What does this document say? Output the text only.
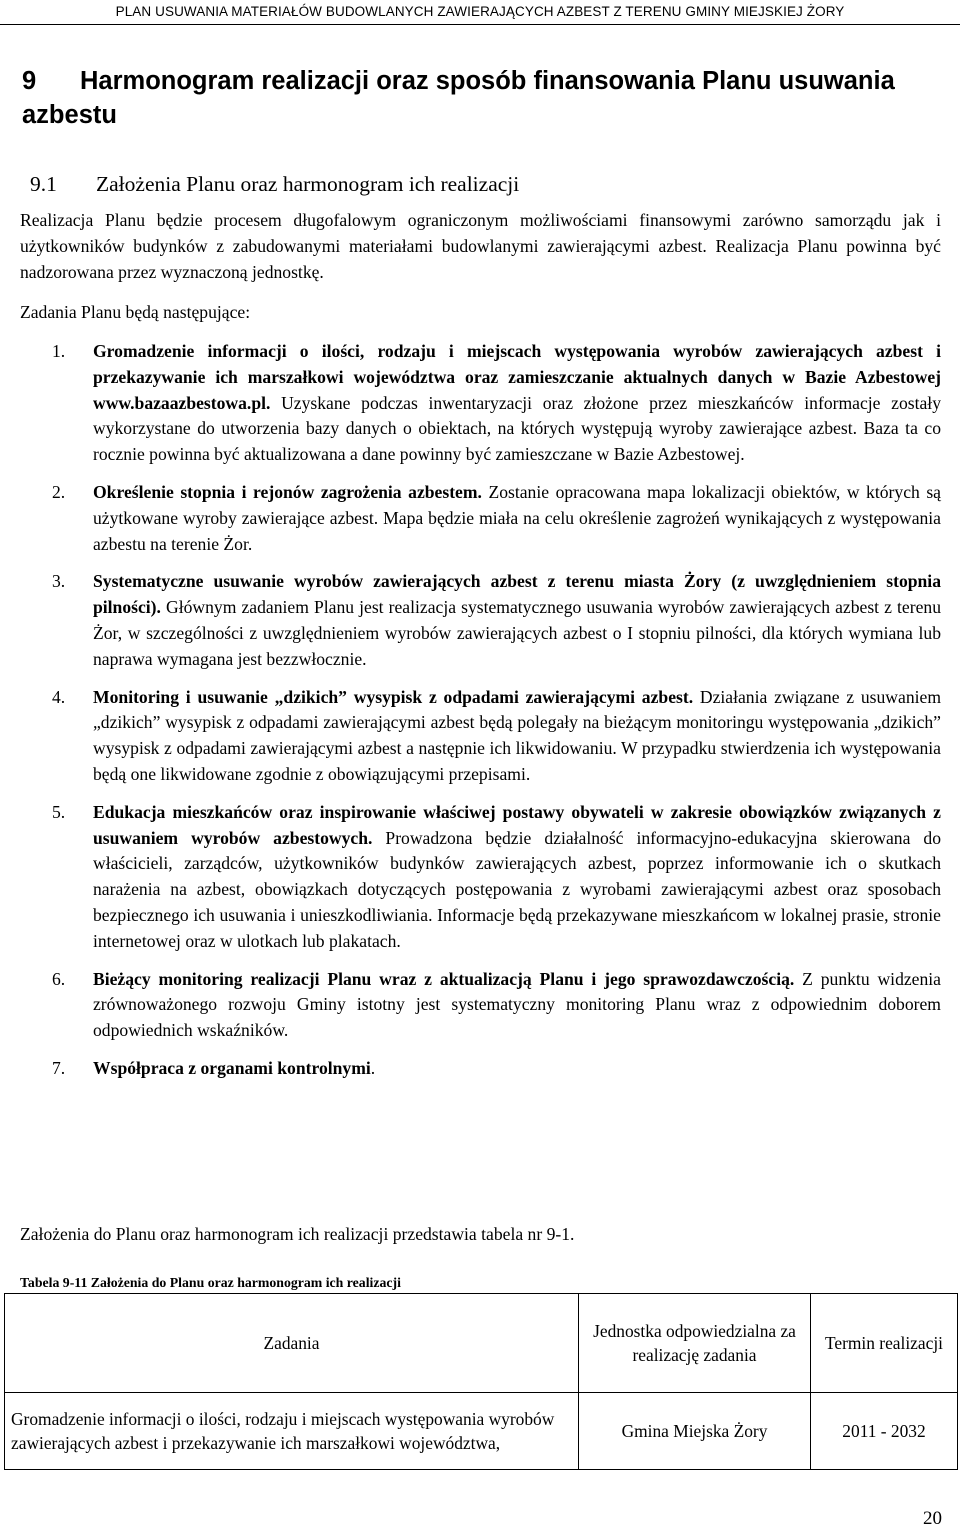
PLAN USUWANIA MATERIAŁÓW BUDOWLANYCH ZAWIERAJĄCYCH AZBEST Z TERENU GMINY MIEJSKIEJ ŻORY
9 Harmonogram realizacji oraz sposób finansowania Planu usuwania azbestu
9.1 Założenia Planu oraz harmonogram ich realizacji

Realizacja Planu będzie procesem długofalowym ograniczonym możliwościami finansowymi zarówno samorządu jak i użytkowników budynków z zabudowanymi materiałami budowlanymi zawierającymi azbest. Realizacja Planu powinna być nadzorowana przez wyznaczoną jednostkę.

Zadania Planu będą następujące:

1. Gromadzenie informacji o ilości, rodzaju i miejscach występowania wyrobów zawierających azbest i przekazywanie ich marszałkowi województwa oraz zamieszczanie aktualnych danych w Bazie Azbestowej www.bazaazbestowa.pl. Uzyskane podczas inwentaryzacji oraz złożone przez mieszkańców informacje zostały wykorzystane do utworzenia bazy danych o obiektach, na których występują wyroby zawierające azbest. Baza ta co rocznie powinna być aktualizowana a dane powinny być zamieszczane w Bazie Azbestowej.
2. Określenie stopnia i rejonów zagrożenia azbestem. Zostanie opracowana mapa lokalizacji obiektów, w których są użytkowane wyroby zawierające azbest. Mapa będzie miała na celu określenie zagrożeń wynikających z występowania azbestu na terenie Żor.
3. Systematyczne usuwanie wyrobów zawierających azbest z terenu miasta Żory (z uwzględnieniem stopnia pilności). Głównym zadaniem Planu jest realizacja systematycznego usuwania wyrobów zawierających azbest z terenu Żor, w szczególności z uwzględnieniem wyrobów zawierających azbest o I stopniu pilności, dla których wymiana lub naprawa wymagana jest bezzwłocznie.
4. Monitoring i usuwanie „dzikich” wysypisk z odpadami zawierającymi azbest. Działania związane z usuwaniem „dzikich” wysypisk z odpadami zawierającymi azbest będą polegały na bieżącym monitoringu występowania „dzikich” wysypisk z odpadami zawierającymi azbest a następnie ich likwidowaniu. W przypadku stwierdzenia ich występowania będą one likwidowane zgodnie z obowiązującymi przepisami.
5. Edukacja mieszkańców oraz inspirowanie właściwej postawy obywateli w zakresie obowiązków związanych z usuwaniem wyrobów azbestowych. Prowadzona będzie działalność informacyjno-edukacyjna skierowana do właścicieli, zarządców, użytkowników budynków zawierających azbest, poprzez informowanie ich o skutkach narażenia na azbest, obowiązkach dotyczących postępowania z wyrobami zawierającymi azbest oraz sposobach bezpiecznego ich usuwania i unieszkodliwiania. Informacje będą przekazywane mieszkańcom w lokalnej prasie, stronie internetowej oraz w ulotkach lub plakatach.
6. Bieżący monitoring realizacji Planu wraz z aktualizacją Planu i jego sprawozdawczością. Z punktu widzenia zrównoważonego rozwoju Gminy istotny jest systematyczny monitoring Planu wraz z odpowiednim doborem odpowiednich wskaźników.
7. Współpraca z organami kontrolnymi.

Założenia do Planu oraz harmonogram ich realizacji przedstawia tabela nr 9-1.

Tabela 9-11 Założenia do Planu oraz harmonogram ich realizacji
Zadania	Jednostka odpowiedzialna za realizację zadania	Termin realizacji
Gromadzenie informacji o ilości, rodzaju i miejscach występowania wyrobów zawierających azbest i przekazywanie ich marszałkowi województwa,	Gmina Miejska Żory	2011 - 2032
20
